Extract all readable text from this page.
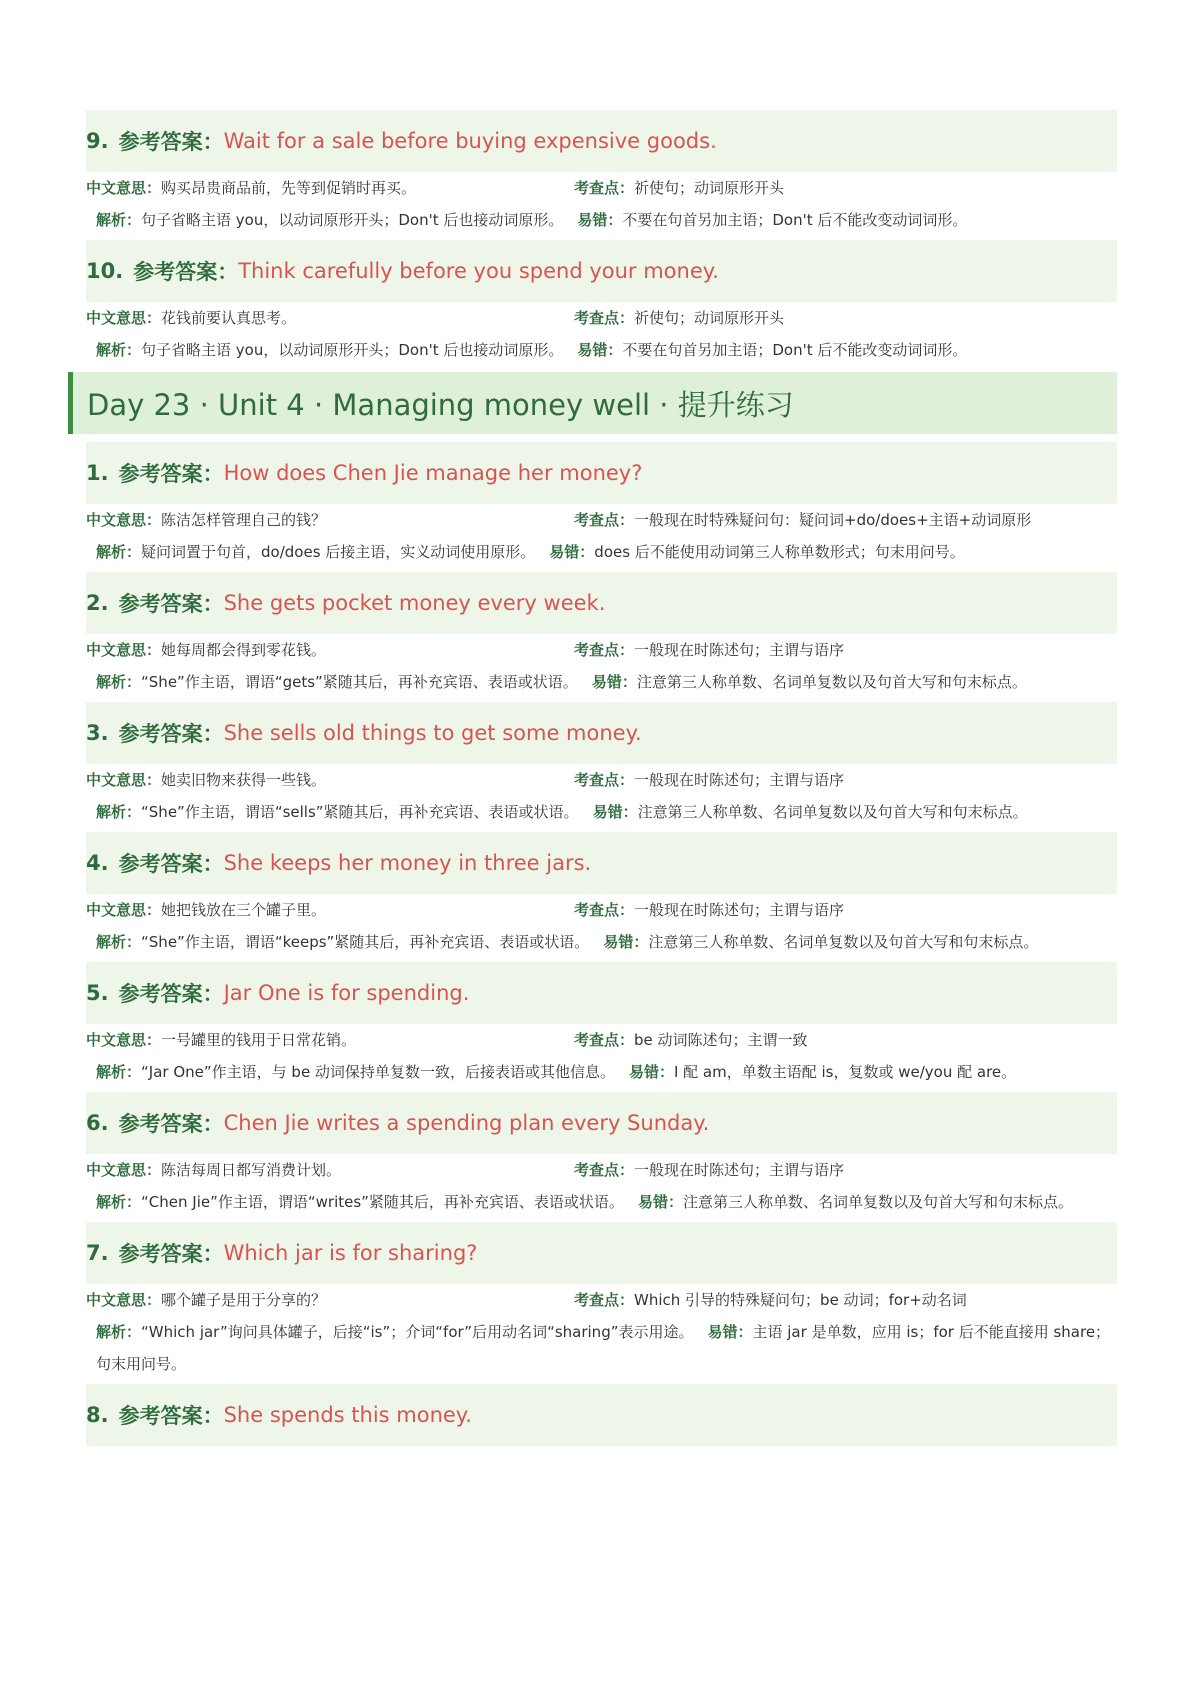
9. 参考答案： Wait for a sale before buying expensive goods.
中文意思：购买昂贵商品前，先等到促销时再买。	考查点：祈使句；动词原形开头
解析：句子省略主语 you，以动词原形开头；Don't 后也接动词原形。 易错：不要在句首另加主语；Don't 后不能改变动词词形。
10. 参考答案： Think carefully before you spend your money.
中文意思：花钱前要认真思考。	考查点：祈使句；动词原形开头
解析：句子省略主语 you，以动词原形开头；Don't 后也接动词原形。 易错：不要在句首另加主语；Don't 后不能改变动词词形。
Day 23 · Unit 4 · Managing money well · 提升练习
1. 参考答案： How does Chen Jie manage her money?
中文意思：陈洁怎样管理自己的钱？	考查点：一般现在时特殊疑问句：疑问词+do/does+主语+动词原形
解析：疑问词置于句首，do/does 后接主语，实义动词使用原形。 易错：does 后不能使用动词第三人称单数形式；句末用问号。
2. 参考答案： She gets pocket money every week.
中文意思：她每周都会得到零花钱。	考查点：一般现在时陈述句；主谓与语序
解析：“She”作主语，谓语“gets”紧随其后，再补充宾语、表语或状语。 易错：注意第三人称单数、名词单复数以及句首大写和句末标点。
3. 参考答案： She sells old things to get some money.
中文意思：她卖旧物来获得一些钱。	考查点：一般现在时陈述句；主谓与语序
解析：“She”作主语，谓语“sells”紧随其后，再补充宾语、表语或状语。 易错：注意第三人称单数、名词单复数以及句首大写和句末标点。
4. 参考答案： She keeps her money in three jars.
中文意思：她把钱放在三个罐子里。	考查点：一般现在时陈述句；主谓与语序
解析：“She”作主语，谓语“keeps”紧随其后，再补充宾语、表语或状语。 易错：注意第三人称单数、名词单复数以及句首大写和句末标点。
5. 参考答案： Jar One is for spending.
中文意思：一号罐里的钱用于日常花销。	考查点：be 动词陈述句；主谓一致
解析：“Jar One”作主语，与 be 动词保持单复数一致，后接表语或其他信息。 易错：I 配 am，单数主语配 is，复数或 we/you 配 are。
6. 参考答案： Chen Jie writes a spending plan every Sunday.
中文意思：陈洁每周日都写消费计划。	考查点：一般现在时陈述句；主谓与语序
解析：“Chen Jie”作主语，谓语“writes”紧随其后，再补充宾语、表语或状语。 易错：注意第三人称单数、名词单复数以及句首大写和句末标点。
7. 参考答案： Which jar is for sharing?
中文意思：哪个罐子是用于分享的？	考查点：Which 引导的特殊疑问句；be 动词；for+动名词
解析：“Which jar”询问具体罐子，后接“is”；介词“for”后用动名词“sharing”表示用途。 易错：主语 jar 是单数，应用 is；for 后不能直接用 share；句末用问号。
8. 参考答案： She spends this money.
